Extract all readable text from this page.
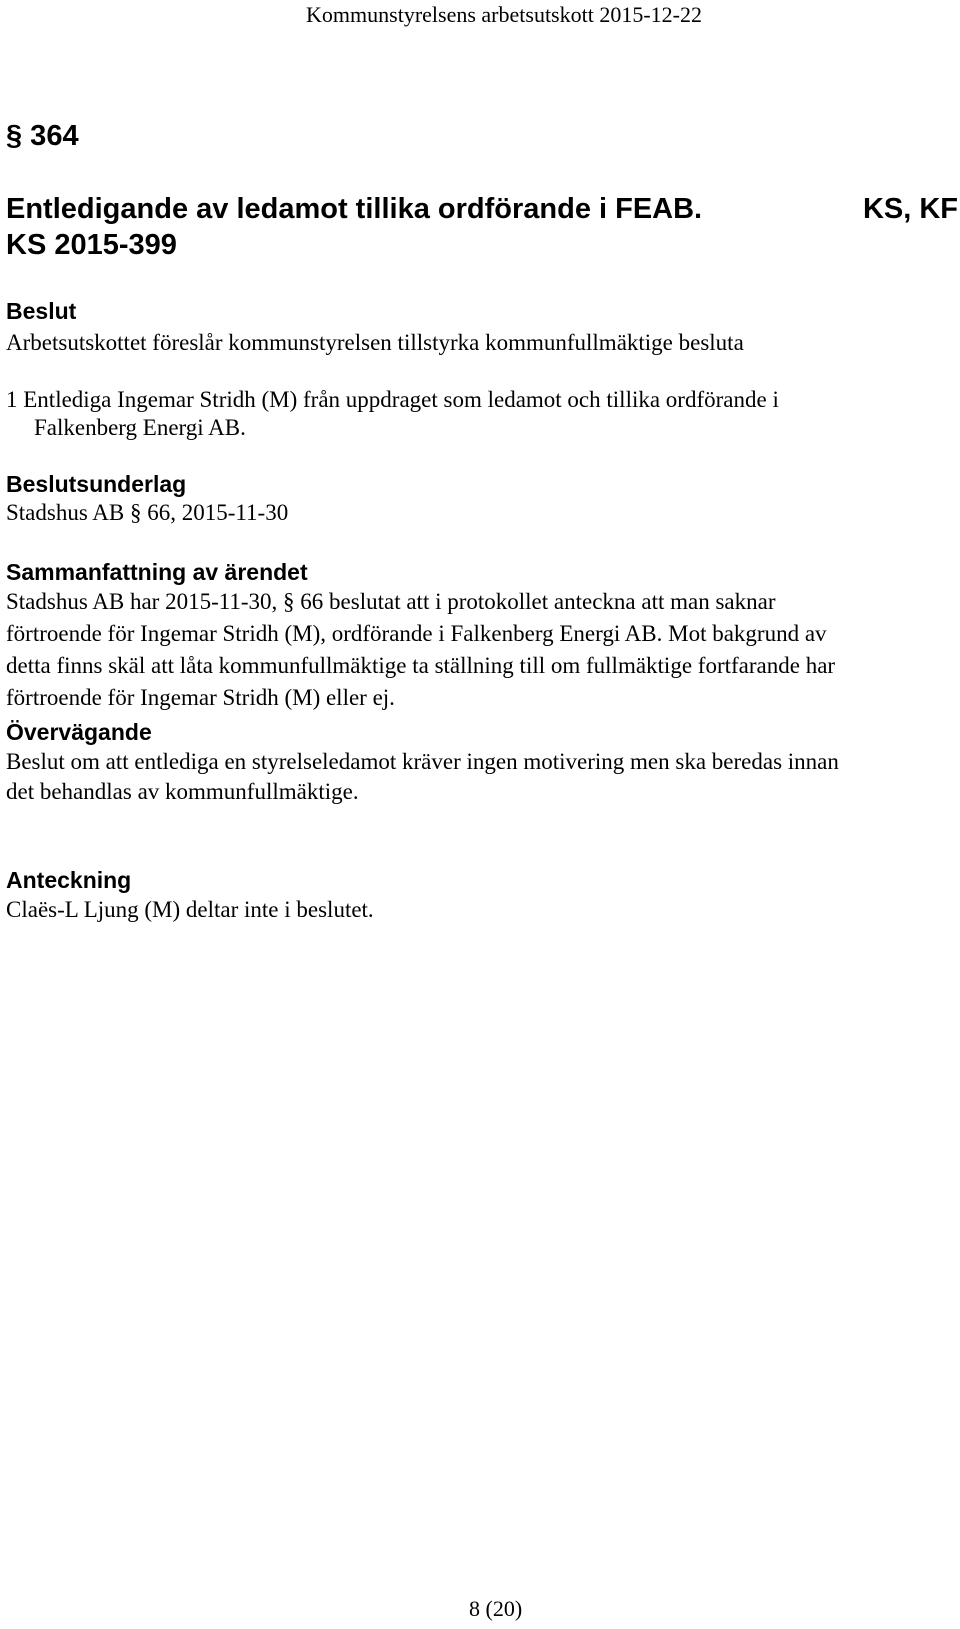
Kommunstyrelsens arbetsutskott 2015-12-22
§ 364
Entledigande av ledamot tillika ordförande i FEAB.	KS, KF
KS 2015-399
Beslut
Arbetsutskottet föreslår kommunstyrelsen tillstyrka kommunfullmäktige besluta
1 Entlediga Ingemar Stridh (M) från uppdraget som ledamot och tillika ordförande i
Falkenberg Energi AB.
Beslutsunderlag
Stadshus AB § 66, 2015-11-30
Sammanfattning av ärendet
Stadshus AB har 2015-11-30, § 66 beslutat att i protokollet anteckna att man saknar
förtroende för Ingemar Stridh (M), ordförande i Falkenberg Energi AB. Mot bakgrund av
detta finns skäl att låta kommunfullmäktige ta ställning till om fullmäktige fortfarande har
förtroende för Ingemar Stridh (M) eller ej.
Övervägande
Beslut om att entlediga en styrelseledamot kräver ingen motivering men ska beredas innan
det behandlas av kommunfullmäktige.
Anteckning
Claës-L Ljung (M) deltar inte i beslutet.
8 (20)
